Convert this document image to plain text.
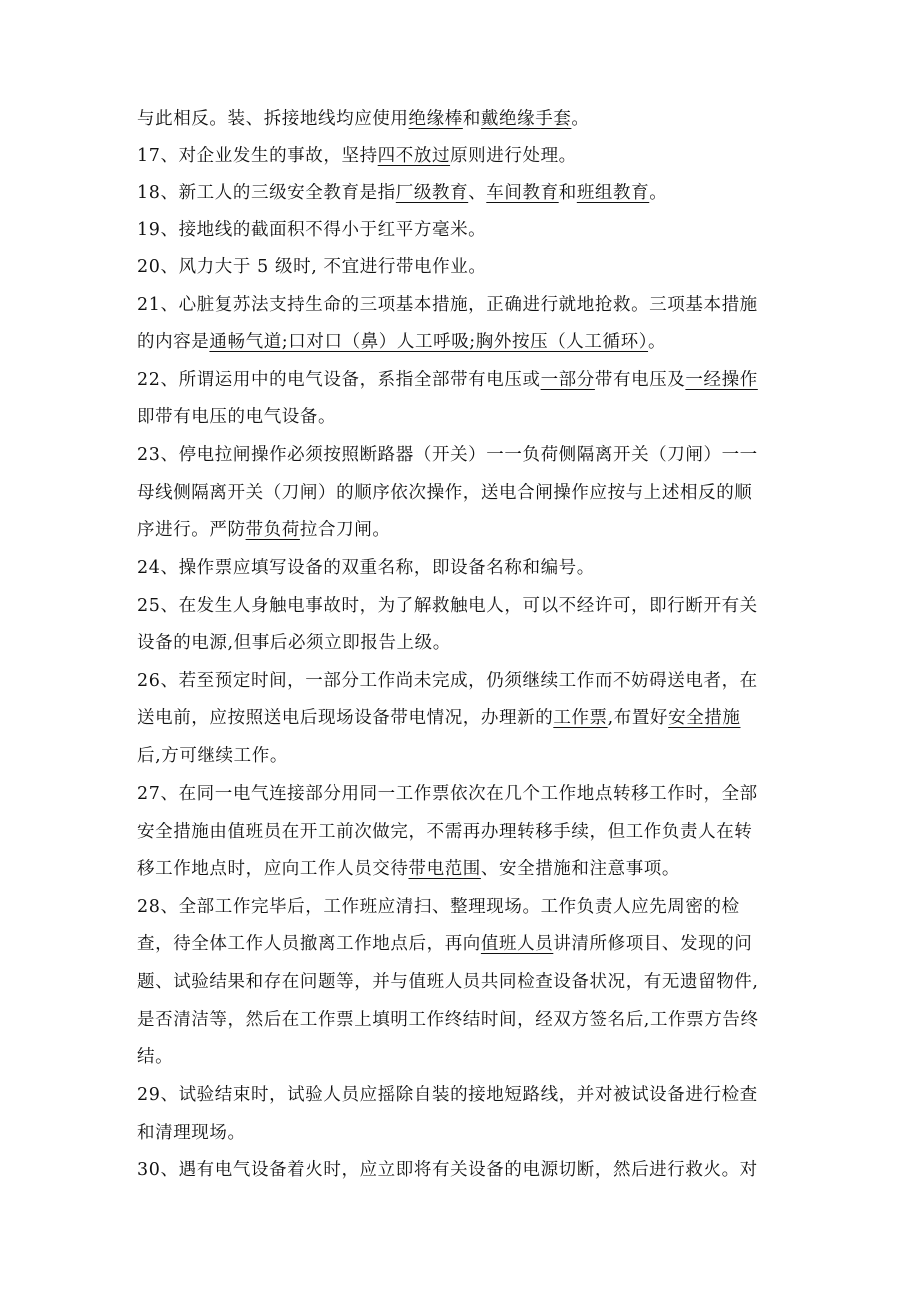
与此相反。装、拆接地线均应使用绝缘棒和戴绝缘手套。
17、对企业发生的事故，坚持四不放过原则进行处理。
18、新工人的三级安全教育是指厂级教育、车间教育和班组教育。
19、接地线的截面积不得小于红平方毫米。
20、风力大于 5 级时, 不宜进行带电作业。
21、心脏复苏法支持生命的三项基本措施，正确进行就地抢救。三项基本措施
的内容是通畅气道;口对口（鼻）人工呼吸;胸外按压（人工循环）。
22、所谓运用中的电气设备，系指全部带有电压或一部分带有电压及一经操作
即带有电压的电气设备。
23、停电拉闸操作必须按照断路器（开关）一一负荷侧隔离开关（刀闸）一一
母线侧隔离开关（刀闸）的顺序依次操作，送电合闸操作应按与上述相反的顺
序进行。严防带负荷拉合刀闸。
24、操作票应填写设备的双重名称，即设备名称和编号。
25、在发生人身触电事故时，为了解救触电人，可以不经许可，即行断开有关
设备的电源,但事后必须立即报告上级。
26、若至预定时间，一部分工作尚未完成，仍须继续工作而不妨碍送电者，在
送电前，应按照送电后现场设备带电情况，办理新的工作票,布置好安全措施
后,方可继续工作。
27、在同一电气连接部分用同一工作票依次在几个工作地点转移工作时，全部
安全措施由值班员在开工前次做完，不需再办理转移手续，但工作负责人在转
移工作地点时，应向工作人员交待带电范围、安全措施和注意事项。
28、全部工作完毕后，工作班应清扫、整理现场。工作负责人应先周密的检
查，待全体工作人员撤离工作地点后，再向值班人员讲清所修项目、发现的问
题、试验结果和存在问题等，并与值班人员共同检查设备状况，有无遗留物件,
是否清洁等，然后在工作票上填明工作终结时间，经双方签名后,工作票方告终
结。
29、试验结束时，试验人员应摇除自装的接地短路线，并对被试设备进行检查
和清理现场。
30、遇有电气设备着火时，应立即将有关设备的电源切断，然后进行救火。对
